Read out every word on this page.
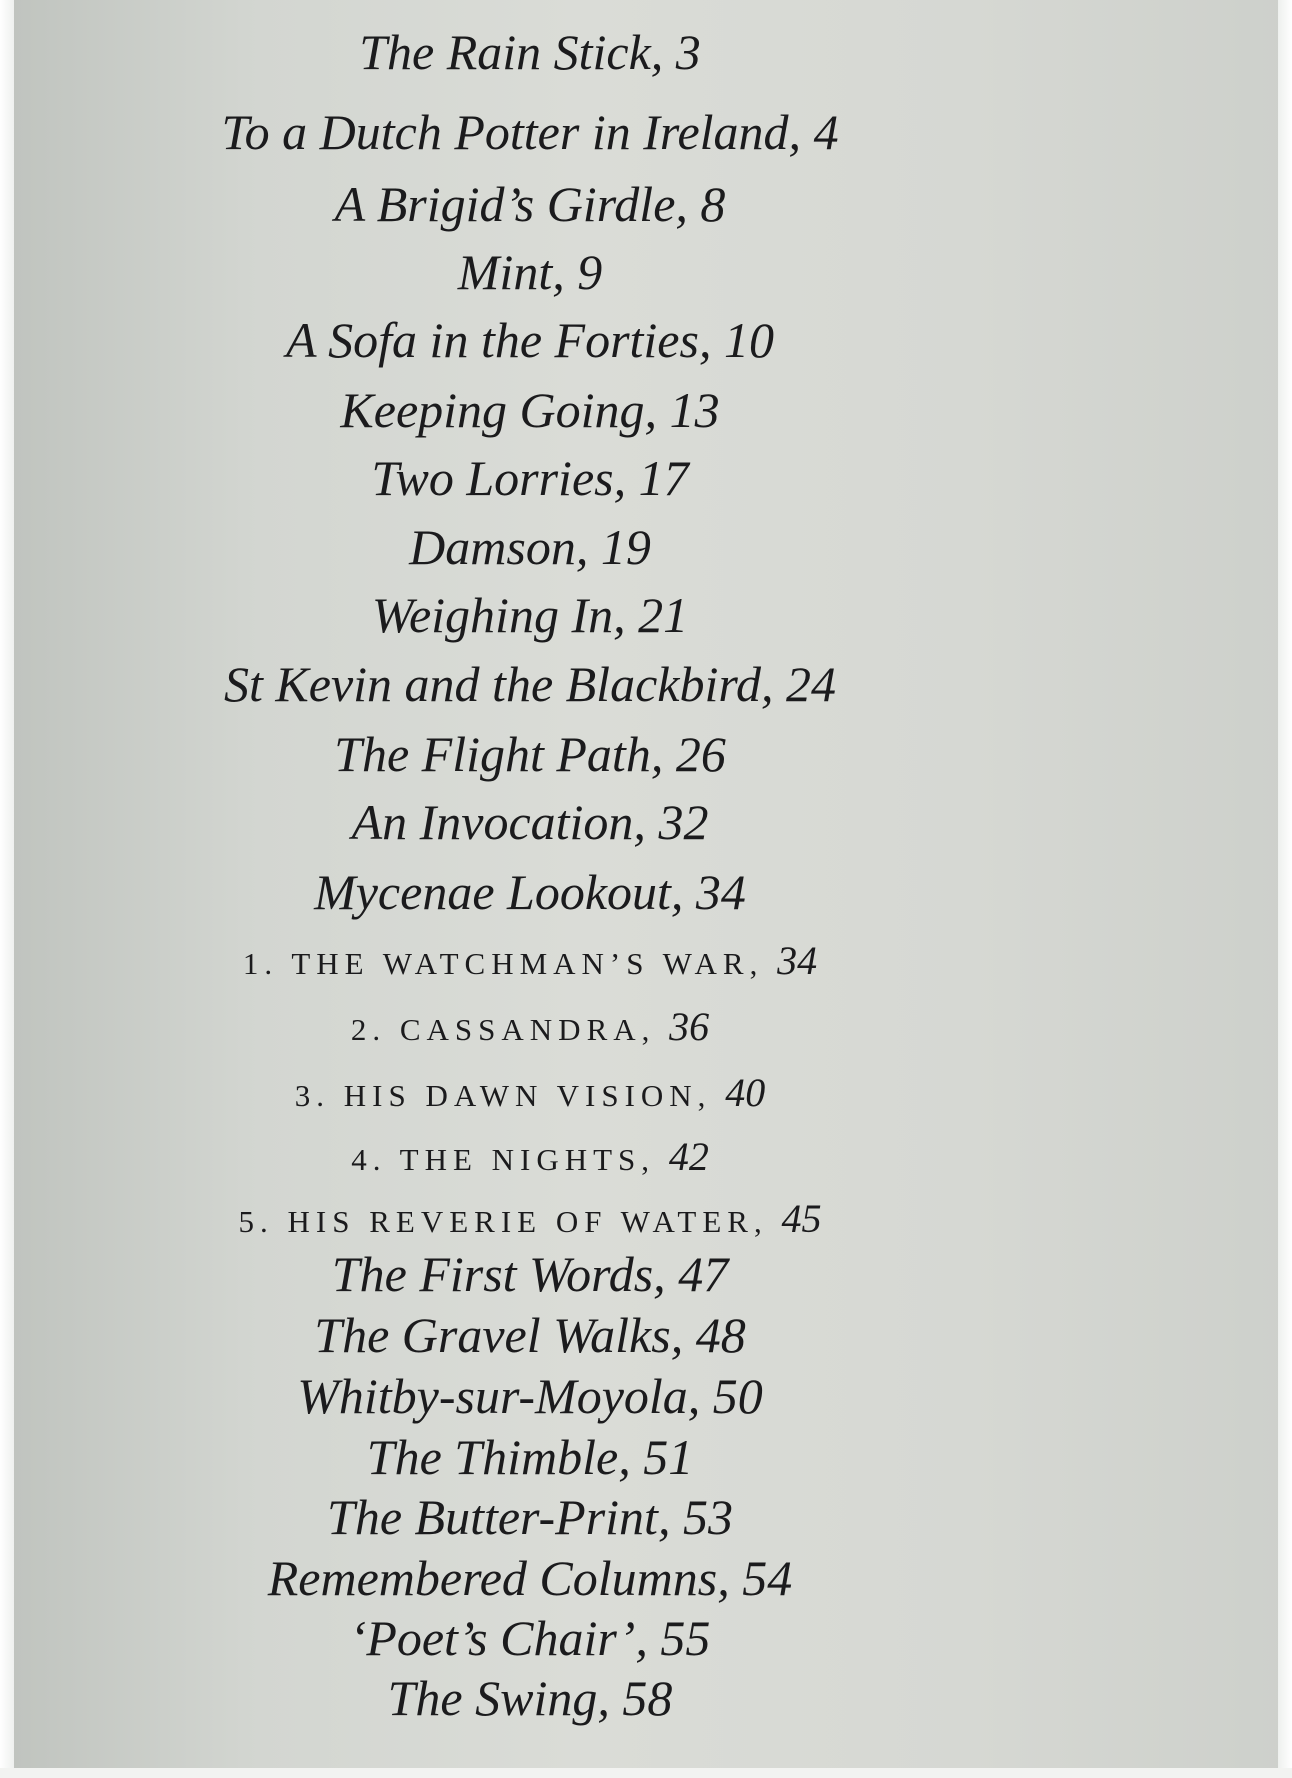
The Rain Stick, 3
To a Dutch Potter in Ireland, 4
A Brigid’s Girdle, 8
Mint, 9
A Sofa in the Forties, 10
Keeping Going, 13
Two Lorries, 17
Damson, 19
Weighing In, 21
St Kevin and the Blackbird, 24
The Flight Path, 26
An Invocation, 32
Mycenae Lookout, 34
1. THE WATCHMAN’S WAR, 34
2. CASSANDRA, 36
3. HIS DAWN VISION, 40
4. THE NIGHTS, 42
5. HIS REVERIE OF WATER, 45
The First Words, 47
The Gravel Walks, 48
Whitby-sur-Moyola, 50
The Thimble, 51
The Butter-Print, 53
Remembered Columns, 54
‘Poet’s Chair’, 55
The Swing, 58
